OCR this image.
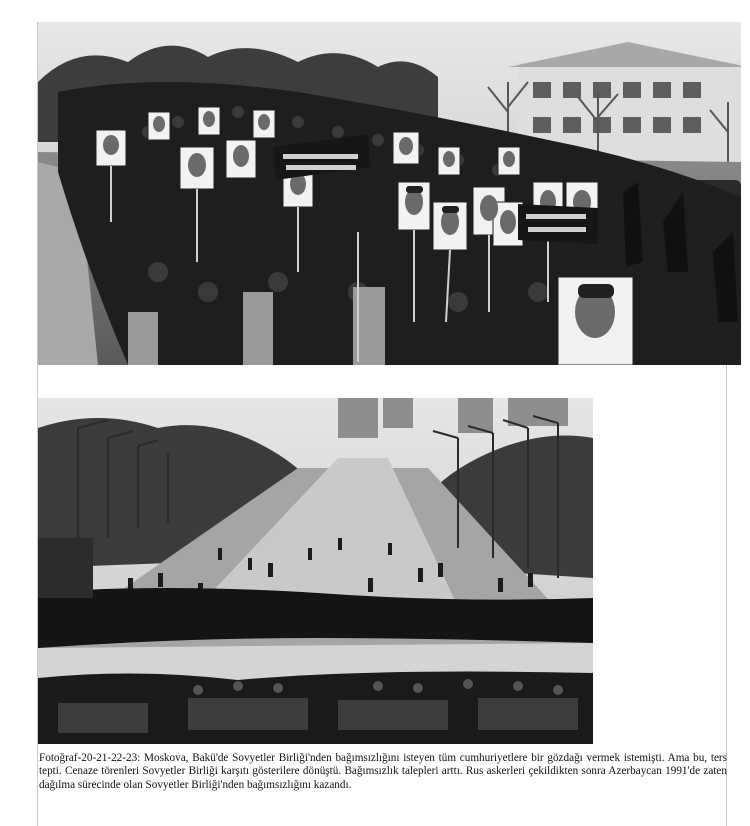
Fotoğraf-20-21-22-23: Moskova, Bakü'de Sovyetler Birliği'nden bağımsızlığını isteyen tüm cumhuriyetlere bir gözdağı vermek istemişti. Ama bu, ters tepti. Cenaze törenleri Sovyetler Birliği karşıtı gösterilere dönüştü. Bağımsızlık talepleri arttı. Rus askerleri çekildikten sonra Azerbaycan 1991'de zaten dağılma sürecinde olan Sovyetler Birliği'nden bağımsızlığını kazandı.
